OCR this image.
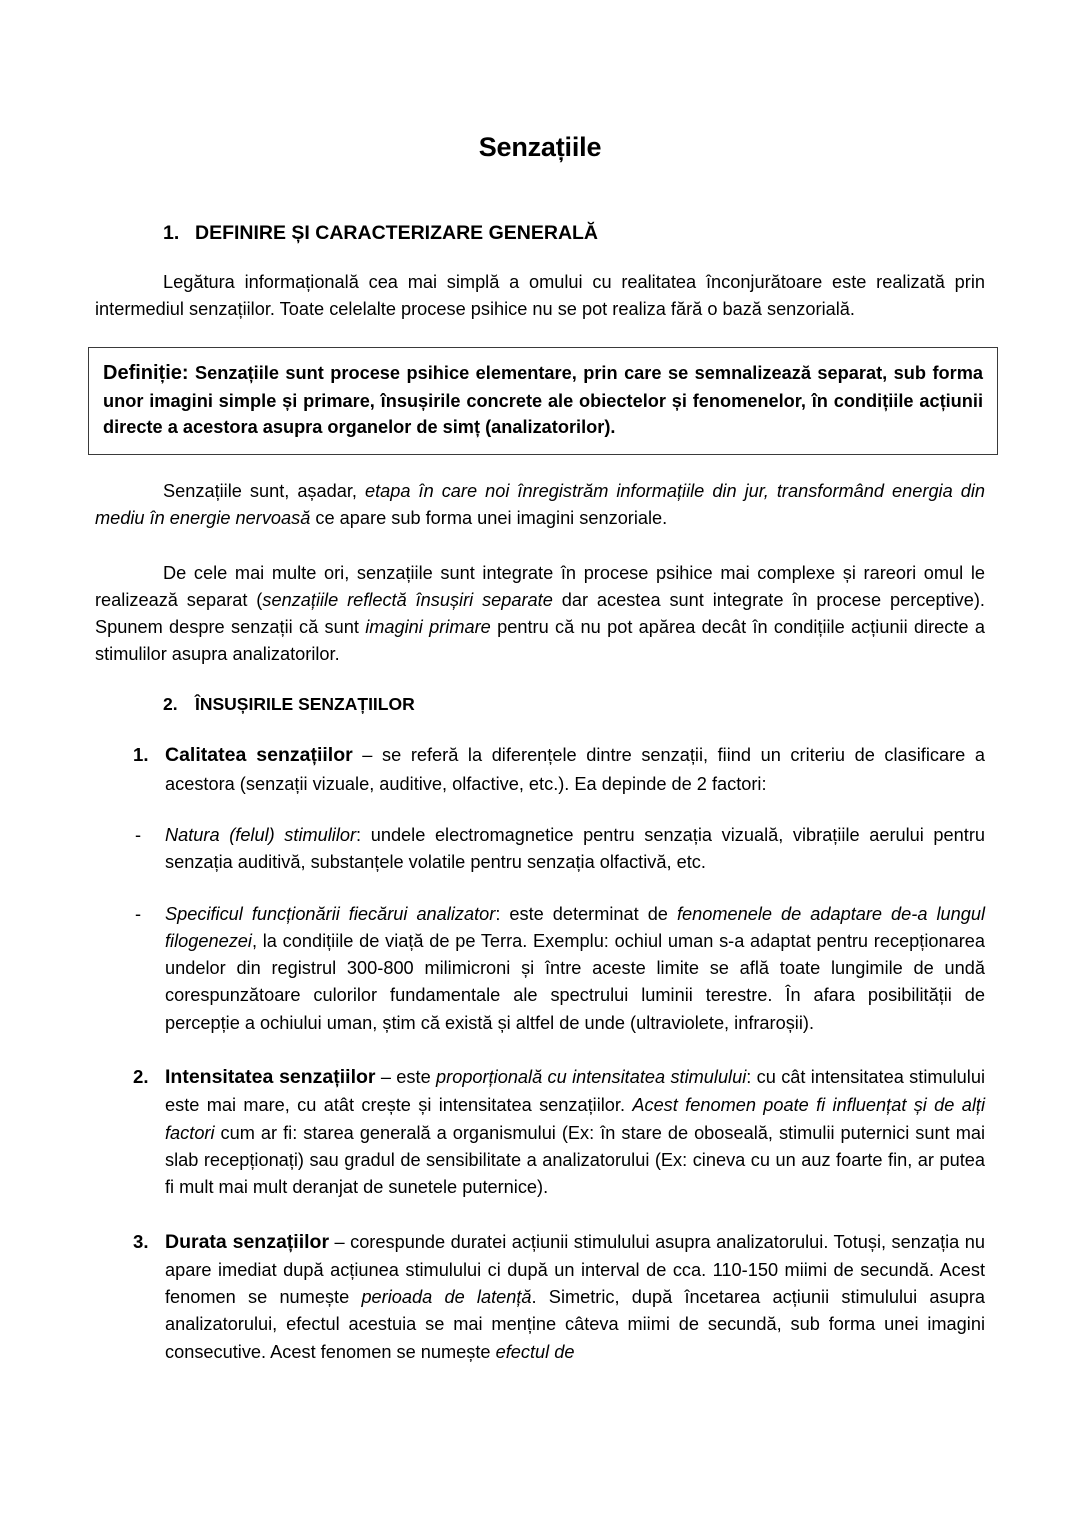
Senzațiile
1. DEFINIRE ȘI CARACTERIZARE GENERALĂ

Legătura informațională cea mai simplă a omului cu realitatea înconjurătoare este realizată prin intermediul senzațiilor. Toate celelalte procese psihice nu se pot realiza fără o bază senzorială.

Definiție: Senzațiile sunt procese psihice elementare, prin care se semnalizează separat, sub forma unor imagini simple și primare, însușirile concrete ale obiectelor și fenomenelor, în condițiile acțiunii directe a acestora asupra organelor de simț (analizatorilor).

Senzațiile sunt, așadar, etapa în care noi înregistrăm informațiile din jur, transformând energia din mediu în energie nervoasă ce apare sub forma unei imagini senzoriale.

De cele mai multe ori, senzațiile sunt integrate în procese psihice mai complexe și rareori omul le realizează separat (senzațiile reflectă însușiri separate dar acestea sunt integrate în procese perceptive). Spunem despre senzații că sunt imagini primare pentru că nu pot apărea decât în condițiile acțiunii directe a stimulilor asupra analizatorilor.

2. ÎNSUȘIRILE SENZAȚIILOR
1. Calitatea senzațiilor – se referă la diferențele dintre senzații, fiind un criteriu de clasificare a acestora (senzații vizuale, auditive, olfactive, etc.). Ea depinde de 2 factori:
- Natura (felul) stimulilor: undele electromagnetice pentru senzația vizuală, vibrațiile aerului pentru senzația auditivă, substanțele volatile pentru senzația olfactivă, etc.
- Specificul funcționării fiecărui analizator: este determinat de fenomenele de adaptare de-a lungul filogenezei, la condițiile de viață de pe Terra. Exemplu: ochiul uman s-a adaptat pentru recepționarea undelor din registrul 300-800 milimicroni și între aceste limite se află toate lungimile de undă corespunzătoare culorilor fundamentale ale spectrului luminii terestre. În afara posibilității de percepție a ochiului uman, știm că există și altfel de unde (ultraviolete, infraroșii).
2. Intensitatea senzațiilor – este proporțională cu intensitatea stimulului: cu cât intensitatea stimulului este mai mare, cu atât crește și intensitatea senzațiilor. Acest fenomen poate fi influențat și de alți factori cum ar fi: starea generală a organismului (Ex: în stare de oboseală, stimulii puternici sunt mai slab recepționați) sau gradul de sensibilitate a analizatorului (Ex: cineva cu un auz foarte fin, ar putea fi mult mai mult deranjat de sunetele puternice).
3. Durata senzațiilor – corespunde duratei acțiunii stimulului asupra analizatorului. Totuși, senzația nu apare imediat după acțiunea stimulului ci după un interval de cca. 110-150 miimi de secundă. Acest fenomen se numește perioada de latență. Simetric, după încetarea acțiunii stimulului asupra analizatorului, efectul acestuia se mai menține câteva miimi de secundă, sub forma unei imagini consecutive. Acest fenomen se numește efectul de
